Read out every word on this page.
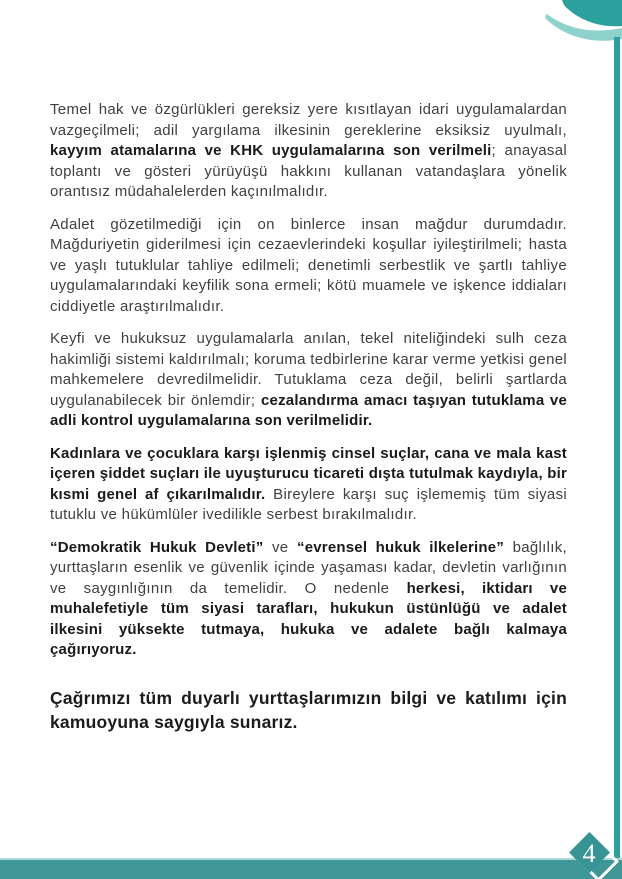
Temel hak ve özgürlükleri gereksiz yere kısıtlayan idari uygulamalardan vazgeçilmeli; adil yargılama ilkesinin gereklerine eksiksiz uyulmalı, kayyım atamalarına ve KHK uygulamalarına son verilmeli; anayasal toplantı ve gösteri yürüyüşü hakkını kullanan vatandaşlara yönelik orantısız müdahalelerden kaçınılmalıdır.

Adalet gözetilmediği için on binlerce insan mağdur durumdadır. Mağduriyetin giderilmesi için cezaevlerindeki koşullar iyileştirilmeli; hasta ve yaşlı tutuklular tahliye edilmeli; denetimli serbestlik ve şartlı tahliye uygulamalarındaki keyfilik sona ermeli; kötü muamele ve işkence iddiaları ciddiyetle araştırılmalıdır.

Keyfi ve hukuksuz uygulamalarla anılan, tekel niteliğindeki sulh ceza hakimliği sistemi kaldırılmalı; koruma tedbirlerine karar verme yetkisi genel mahkemelere devredilmelidir. Tutuklama ceza değil, belirli şartlarda uygulanabilecek bir önlemdir; cezalandırma amacı taşıyan tutuklama ve adli kontrol uygulamalarına son verilmelidir.

Kadınlara ve çocuklara karşı işlenmiş cinsel suçlar, cana ve mala kast içeren şiddet suçları ile uyuşturucu ticareti dışta tutulmak kaydıyla, bir kısmi genel af çıkarılmalıdır. Bireylere karşı suç işlememiş tüm siyasi tutuklu ve hükümlüler ivedilikle serbest bırakılmalıdır.

“Demokratik Hukuk Devleti” ve “evrensel hukuk ilkelerine” bağlılık, yurttaşların esenlik ve güvenlik içinde yaşaması kadar, devletin varlığının ve saygınlığının da temelidir. O nedenle herkesi, iktidarı ve muhalefetiyle tüm siyasi tarafları, hukukun üstünlüğü ve adalet ilkesini yüksekte tutmaya, hukuka ve adalete bağlı kalmaya çağırıyoruz.

Çağrımızı tüm duyarlı yurttaşlarımızın bilgi ve katılımı için kamuoyuna saygıyla sunarız.

4
